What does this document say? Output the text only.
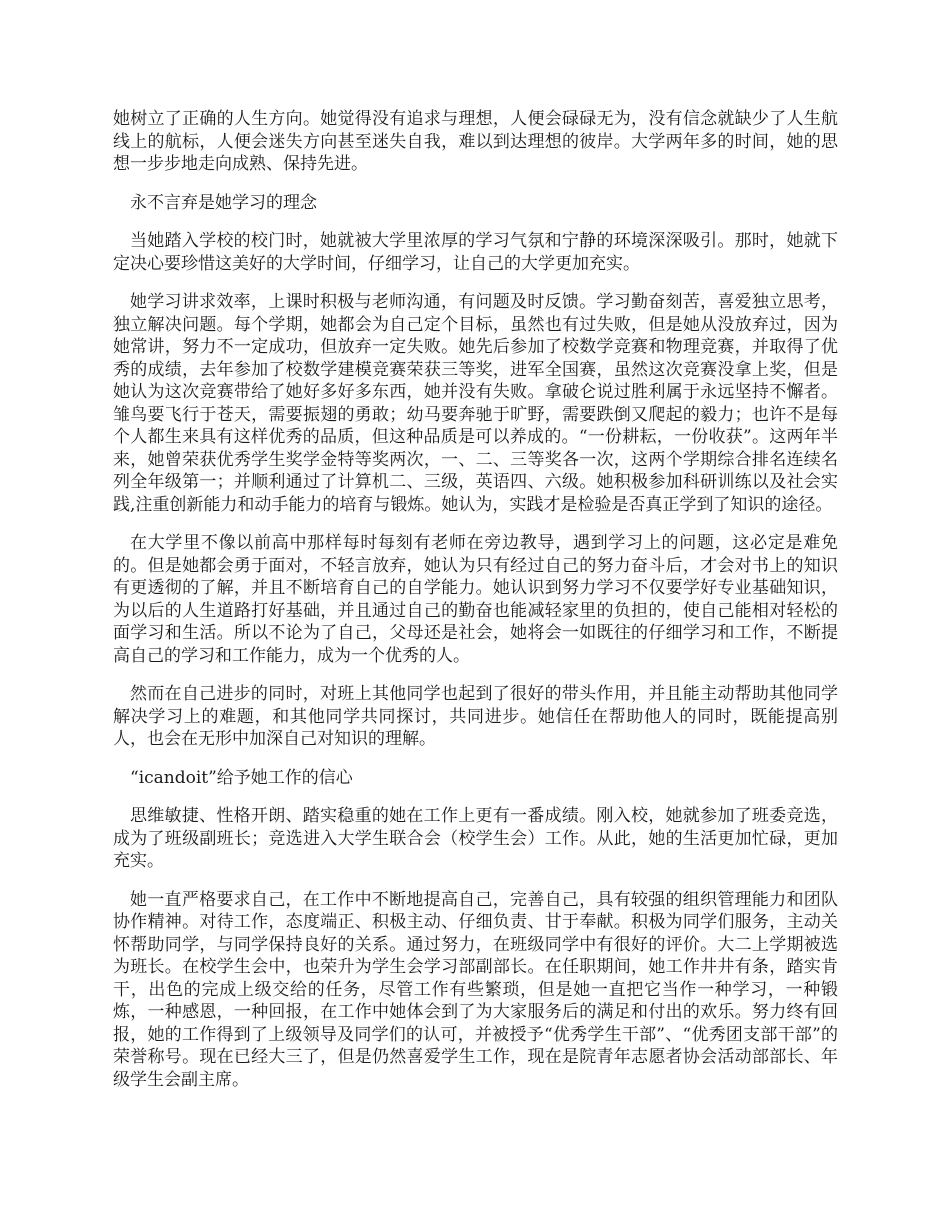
她树立了正确的人生方向。她觉得没有追求与理想，人便会碌碌无为，没有信念就缺少了人生航线上的航标，人便会迷失方向甚至迷失自我，难以到达理想的彼岸。大学两年多的时间，她的思想一步步地走向成熟、保持先进。

永不言弃是她学习的理念

当她踏入学校的校门时，她就被大学里浓厚的学习气氛和宁静的环境深深吸引。那时，她就下定决心要珍惜这美好的大学时间，仔细学习，让自己的大学更加充实。

她学习讲求效率，上课时积极与老师沟通，有问题及时反馈。学习勤奋刻苦，喜爱独立思考，独立解决问题。每个学期，她都会为自己定个目标，虽然也有过失败，但是她从没放弃过，因为她常讲，努力不一定成功，但放弃一定失败。她先后参加了校数学竞赛和物理竞赛，并取得了优秀的成绩，去年参加了校数学建模竞赛荣获三等奖，进军全国赛，虽然这次竞赛没拿上奖，但是她认为这次竞赛带给了她好多好多东西，她并没有失败。拿破仑说过胜利属于永远坚持不懈者。雏鸟要飞行于苍天，需要振翅的勇敢；幼马要奔驰于旷野，需要跌倒又爬起的毅力；也许不是每个人都生来具有这样优秀的品质，但这种品质是可以养成的。“一份耕耘，一份收获”。这两年半来，她曾荣获优秀学生奖学金特等奖两次，一、二、三等奖各一次，这两个学期综合排名连续名列全年级第一；并顺利通过了计算机二、三级，英语四、六级。她积极参加科研训练以及社会实践,注重创新能力和动手能力的培育与锻炼。她认为，实践才是检验是否真正学到了知识的途径。

在大学里不像以前高中那样每时每刻有老师在旁边教导，遇到学习上的问题，这必定是难免的。但是她都会勇于面对，不轻言放弃，她认为只有经过自己的努力奋斗后，才会对书上的知识有更透彻的了解，并且不断培育自己的自学能力。她认识到努力学习不仅要学好专业基础知识，为以后的人生道路打好基础，并且通过自己的勤奋也能减轻家里的负担的，使自己能相对轻松的面学习和生活。所以不论为了自己，父母还是社会，她将会一如既往的仔细学习和工作，不断提高自己的学习和工作能力，成为一个优秀的人。

然而在自己进步的同时，对班上其他同学也起到了很好的带头作用，并且能主动帮助其他同学解决学习上的难题，和其他同学共同探讨，共同进步。她信任在帮助他人的同时，既能提高别人，也会在无形中加深自己对知识的理解。

“icandoit”给予她工作的信心

思维敏捷、性格开朗、踏实稳重的她在工作上更有一番成绩。刚入校，她就参加了班委竞选，成为了班级副班长；竞选进入大学生联合会（校学生会）工作。从此，她的生活更加忙碌，更加充实。

她一直严格要求自己，在工作中不断地提高自己，完善自己，具有较强的组织管理能力和团队协作精神。对待工作，态度端正、积极主动、仔细负责、甘于奉献。积极为同学们服务，主动关怀帮助同学，与同学保持良好的关系。通过努力，在班级同学中有很好的评价。大二上学期被选为班长。在校学生会中，也荣升为学生会学习部副部长。在任职期间，她工作井井有条，踏实肯干，出色的完成上级交给的任务，尽管工作有些繁琐，但是她一直把它当作一种学习，一种锻炼，一种感恩，一种回报，在工作中她体会到了为大家服务后的满足和付出的欢乐。努力终有回报，她的工作得到了上级领导及同学们的认可，并被授予“优秀学生干部”、“优秀团支部干部”的荣誉称号。现在已经大三了，但是仍然喜爱学生工作，现在是院青年志愿者协会活动部部长、年级学生会副主席。
